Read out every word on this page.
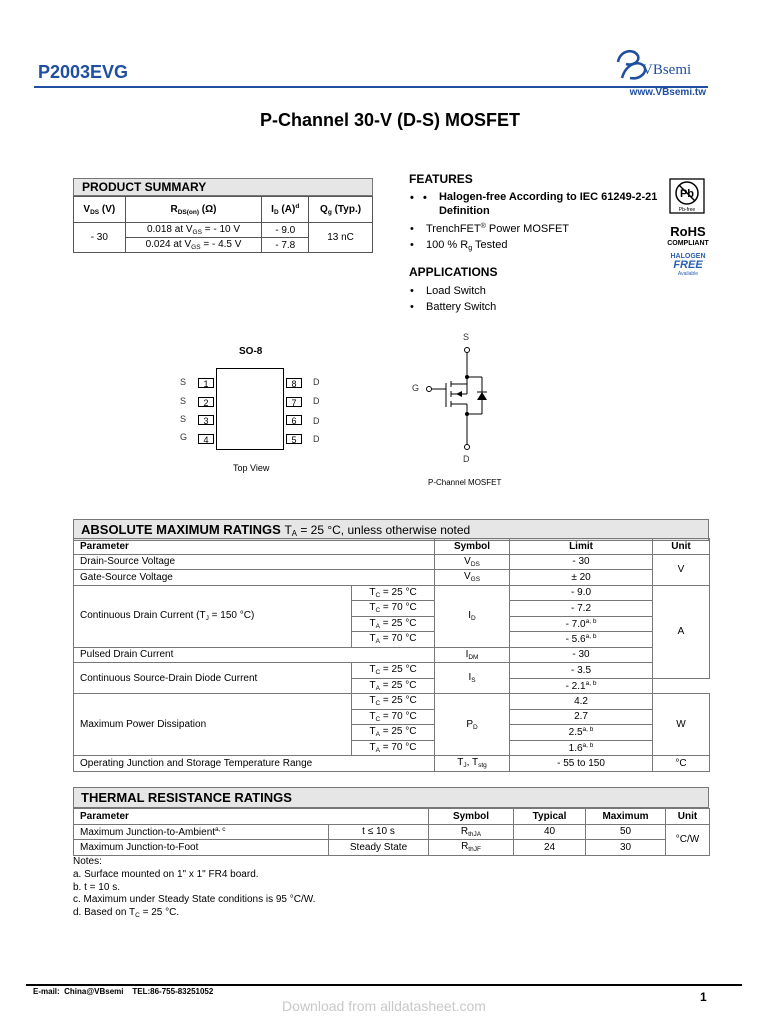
P2003EVG	VBsemi
www.VBsemi.tw
P-Channel 30-V (D-S) MOSFET
PRODUCT SUMMARY
$V_{DS}$ (V)	$R_{DS(on)}$ (Ω)	$I_D$ $(A)^d$	$Q_g$ (Typ.)
- 30	0.018 at $V_{GS}$ = - 10 V	- 9.0	13 nC
	0.024 at $V_{GS}$ = - 4.5 V	- 7.8	
FEATURES
• •	Halogen-free According to IEC 61249-2-21 Definition
• TrenchFET® Power MOSFET
• 100 % $R_g$ Tested
Pb
Pb-free
RoHS
COMPLIANT
HALOGEN
FREE
Available
APPLICATIONS
• Load Switch
• Battery Switch
SO-8
S
S
S
G
1
2
3
4
8
7
6
5
D
D
D
D
Top View
S
G
D
P-Channel MOSFET
ABSOLUTE MAXIMUM RATINGS $T_A = 25$ °C, unless otherwise noted
Parameter		Symbol	Limit	Unit
Drain-Source Voltage		$V_{DS}$	- 30	V
Gate-Source Voltage		$V_{GS}$	± 20	
Continuous Drain Current ($T_J = 150$ °C)	$T_C = 25$ °C	$I_D$	- 9.0	A
	$T_C = 70$ °C		- 7.2	
	$T_A = 25$ °C		- 7.0$^{a, b}$
	$T_A = 70$ °C		- 5.6$^{a, b}$
Pulsed Drain Current		$I_{DM}$	- 30	
Continuous Source-Drain Diode Current	$T_C = 25$ °C	$I_S$	- 3.5	
	$T_A = 25$ °C		- 2.1$^{a, b}$
Maximum Power Dissipation	$T_C = 25$ °C	$P_D$	4.2	W
	$T_C = 70$ °C		2.7	
	$T_A = 25$ °C		2.5$^{a, b}$
	$T_A = 70$ °C		1.6$^{a, b}$
Operating Junction and Storage Temperature Range		$T_J$, $T_{stg}$	- 55 to 150	°C
THERMAL RESISTANCE RATINGS
Parameter		Symbol	Typical	Maximum	Unit
Maximum Junction-to-Ambient$^{a, c}$	t ≤ 10 s	$R_{thJA}$	40	50	°C/W
Maximum Junction-to-Foot	Steady State	$R_{thJF}$	24	30	
Notes:
a. Surface mounted on 1" x 1" FR4 board.
b. t = 10 s.
c. Maximum under Steady State conditions is 95 °C/W.
d. Based on $T_C = 25$ °C.
E-mail:  China@VBsemi    TEL:86-755-83251052	1
Download from alldatasheet.com
